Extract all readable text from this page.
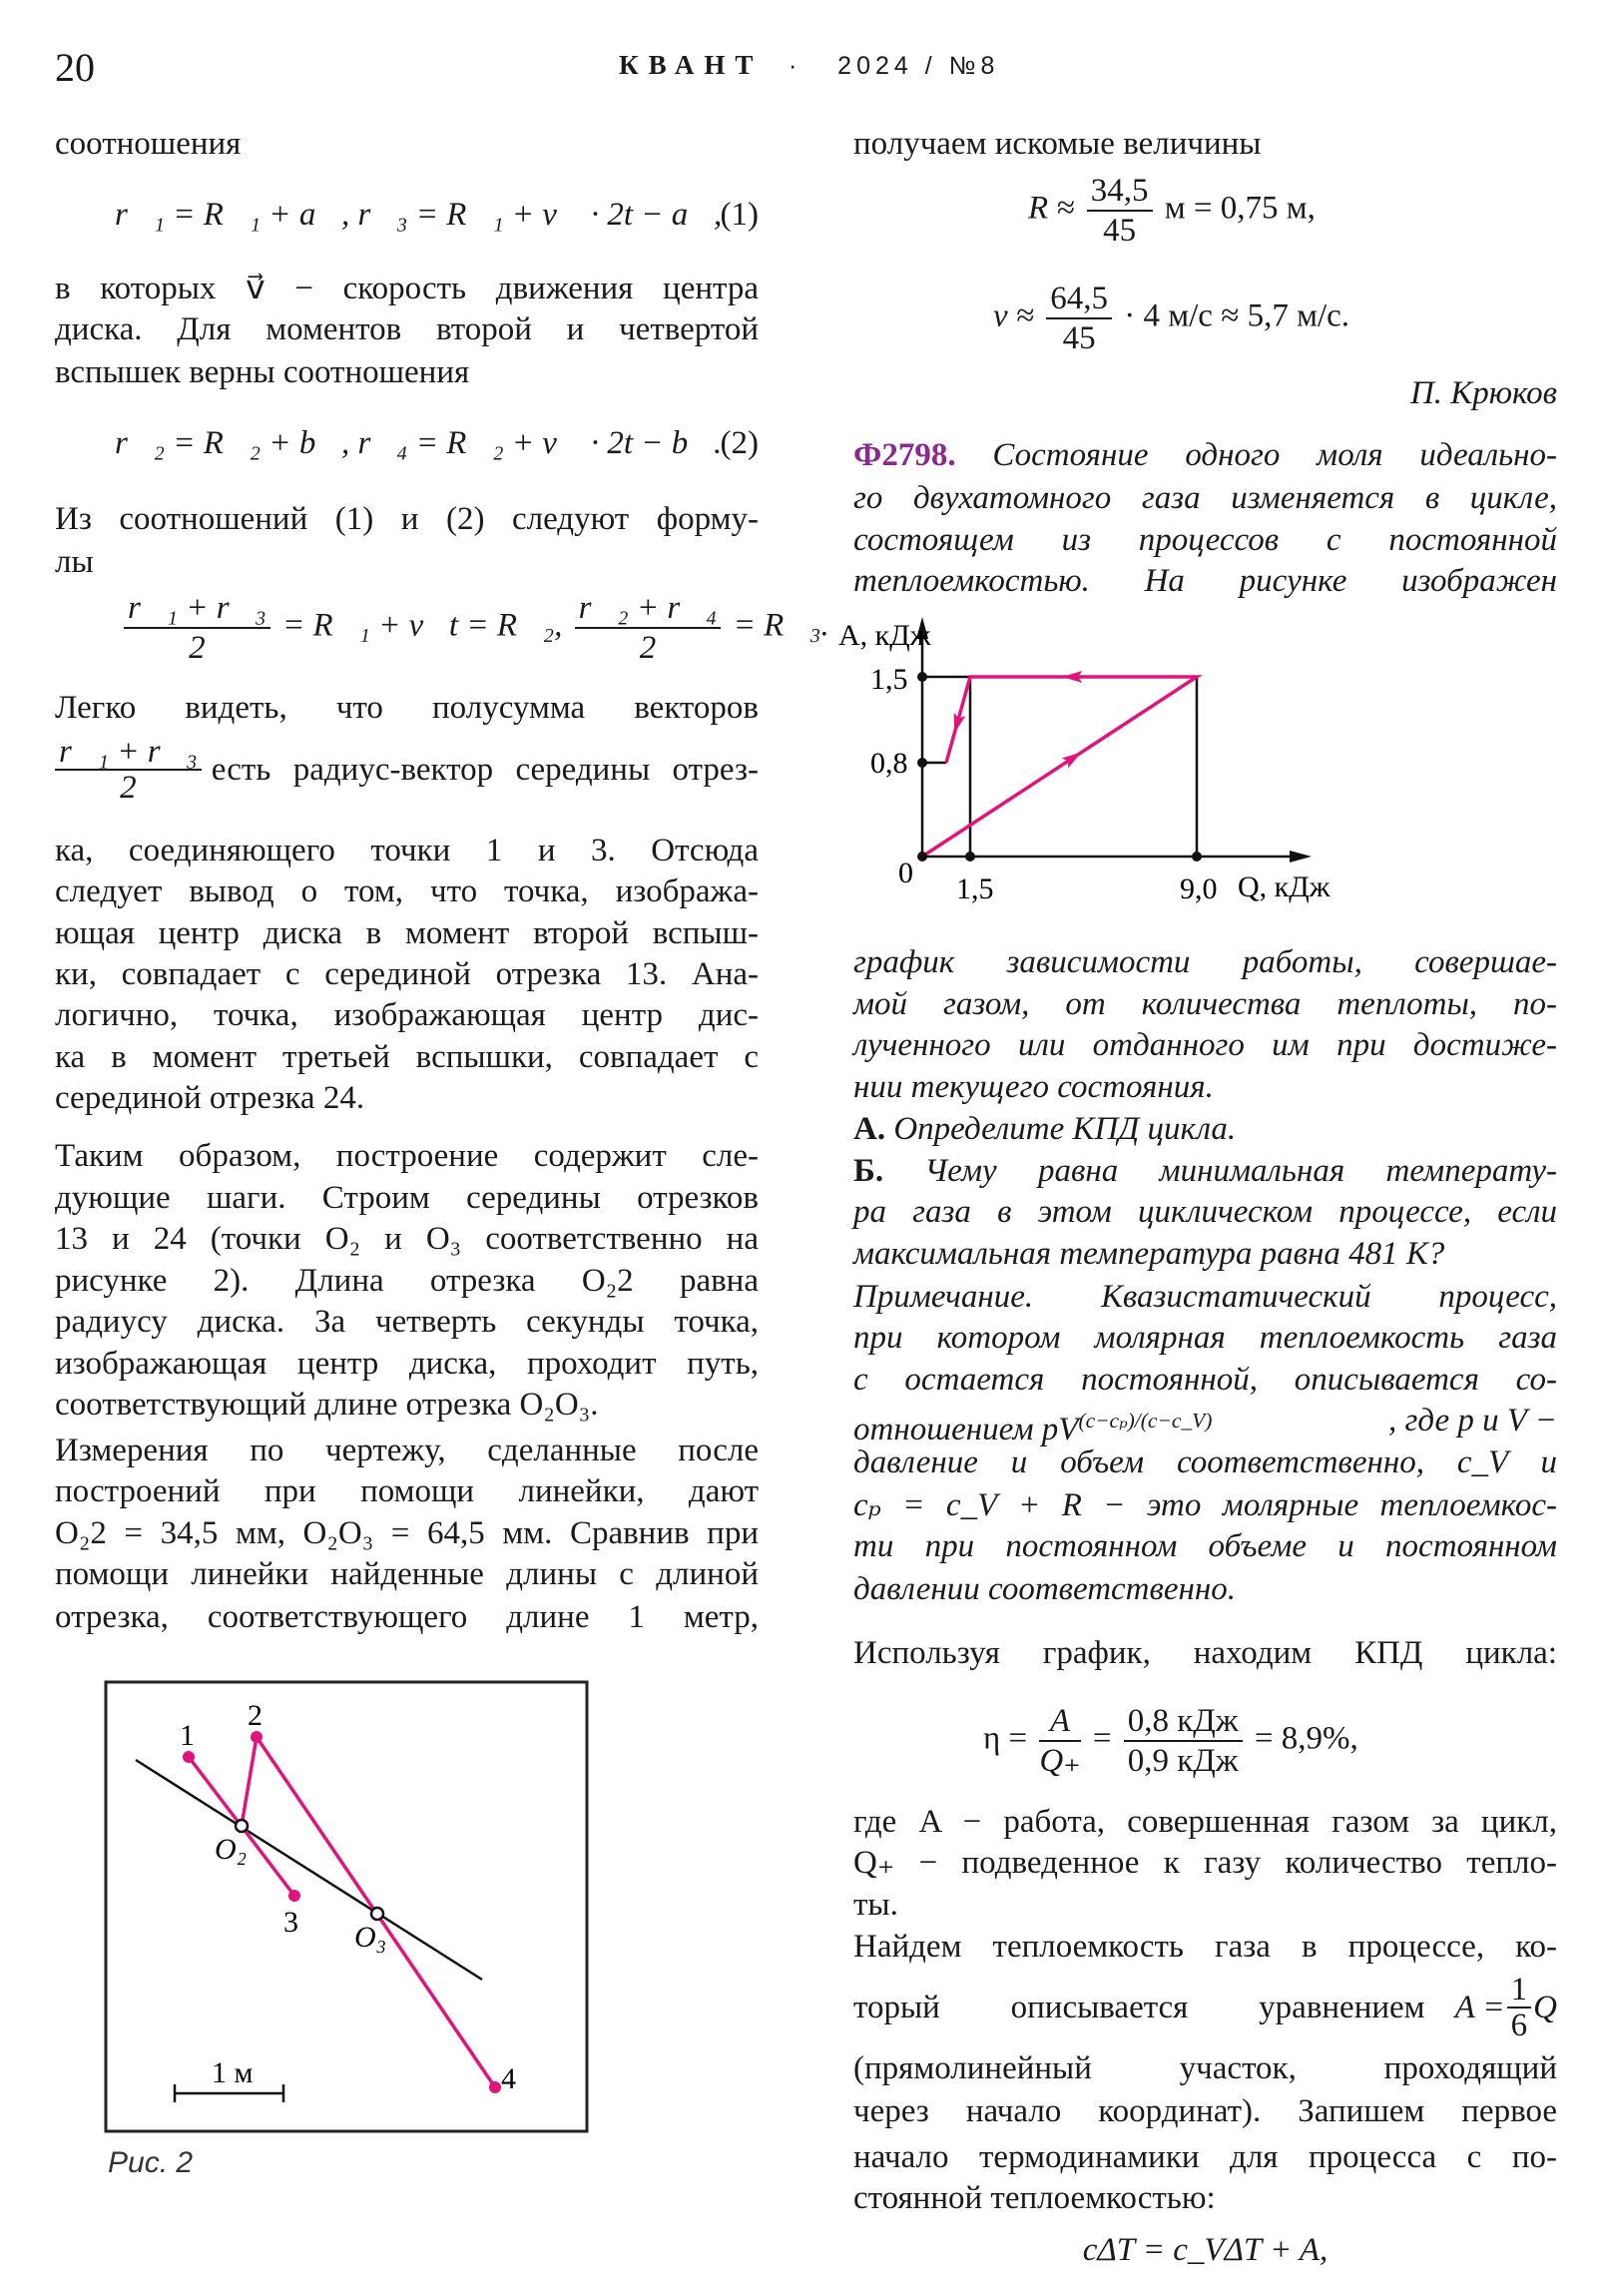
20	КВАНТ · 2024 / №8
соотношения
r⃗₁ = R⃗₁ + a⃗, r⃗₃ = R⃗₁ + v⃗ · 2t − a⃗,
(1)
в которых v⃗ − скорость движения центра
диска. Для моментов второй и четвертой
вспышек верны соотношения
r⃗₂ = R⃗₂ + b⃗, r⃗₄ = R⃗₂ + v⃗ · 2t − b⃗.
(2)
Из соотношений (1) и (2) следуют форму-
лы
$\frac{\text{r⃗₁ + r⃗₃}}{2}$ = R⃗₁ + v⃗t = R⃗₂, $\frac{\text{r⃗₂ + r⃗₄}}{2}$ = R⃗₃.
Легко видеть, что полусумма векторов
$\frac{\text{r⃗₁ + r⃗₃}}{2}$ есть радиус-вектор середины отрез-
ка, соединяющего точки 1 и 3. Отсюда
следует вывод о том, что точка, изобража-
ющая центр диска в момент второй вспыш-
ки, совпадает с серединой отрезка 13. Ана-
логично, точка, изображающая центр дис-
ка в момент третьей вспышки, совпадает с
серединой отрезка 24.
Таким образом, построение содержит сле-
дующие шаги. Строим середины отрезков
13 и 24 (точки O₂ и O₃ соответственно на
рисунке 2). Длина отрезка O₂2 равна
радиусу диска. За четверть секунды точка,
изображающая центр диска, проходит путь,
соответствующий длине отрезка O₂O₃.
Измерения по чертежу, сделанные после
построений при помощи линейки, дают
O₂2 = 34,5 мм, O₂O₃ = 64,5 мм. Сравнив при
помощи линейки найденные длины с длиной
отрезка, соответствующего длине 1 метр,
получаем искомые величины
$R \approx \frac{34,5}{45}$ м = 0,75 м,
$v \approx \frac{64,5}{45} \cdot 4$ м/с ≈ 5,7 м/с.
П. Крюков
Ф2798. Состояние одного моля идеально-
го двухатомного газа изменяется в цикле,
состоящем из процессов с постоянной
теплоемкостью. На рисунке изображен
график зависимости работы, совершае-
мой газом, от количества теплоты, по-
лученного или отданного им при достиже-
нии текущего состояния.
А. Определите КПД цикла.
Б. Чему равна минимальная температу-
ра газа в этом циклическом процессе, если
максимальная температура равна 481 К?
Примечание. Квазистатический процесс,
при котором молярная теплоемкость газа
c остается постоянной, описывается со-
отношением $pV^{(c-c_p)/(c-c\_V)}$	, где p и V −
давление и объем соответственно, c_V и
cₚ = c_V + R − это молярные теплоемкос-
ти при постоянном объеме и постоянном
давлении соответственно.
Используя график, находим КПД цикла:
$\eta = \frac{A}{Q_+} = \frac{\text{0,8 кДж}}{\text{0,9 кДж}} = 8,9\%$,
где A − работа, совершенная газом за цикл,
Q₊ − подведенное к газу количество тепло-
ты.
Найдем теплоемкость газа в процессе, ко-
торый описывается уравнением $A = \frac{1}{6}$ Q
(прямолинейный участок, проходящий
через начало координат). Запишем первое
начало термодинамики для процесса с по-
стоянной теплоемкостью:
cΔT = c_VΔT + A,
1
2
3
4
O₂
O₃
1 м
A, кДж
Q, кДж
0 1,5	9,0
1,5
0,8
Рис. 2
